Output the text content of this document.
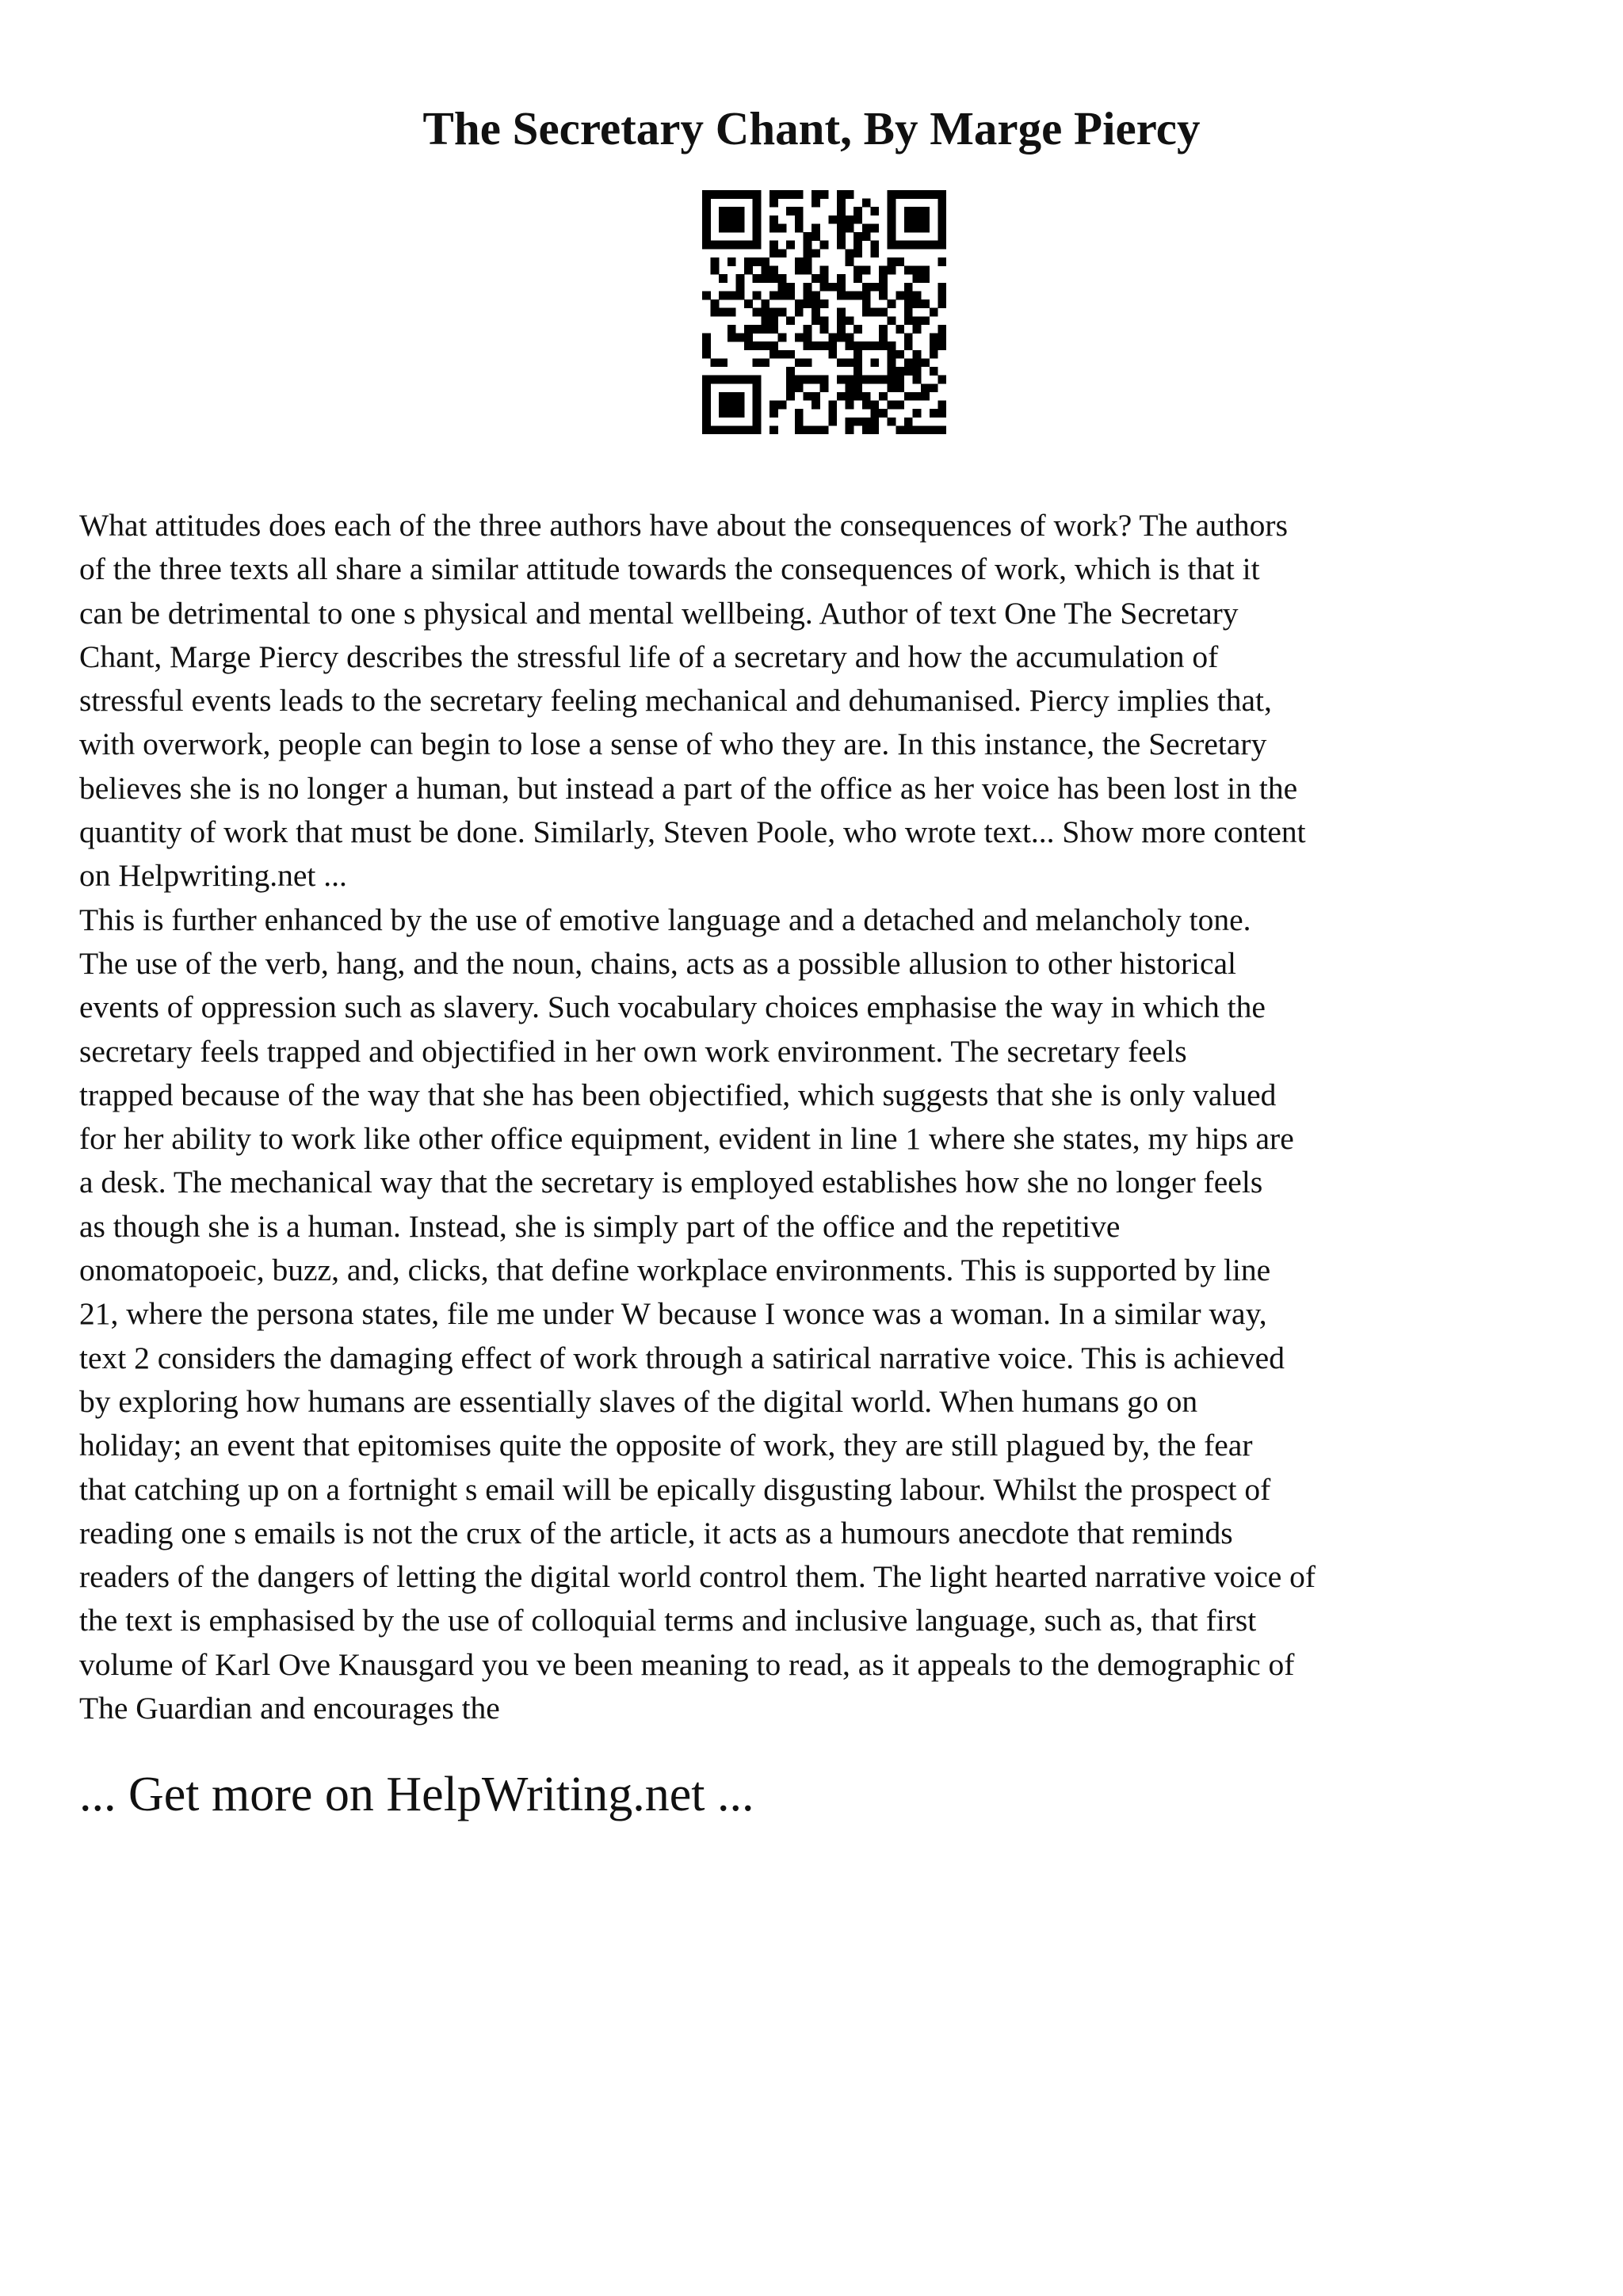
The Secretary Chant, By Marge Piercy

What attitudes does each of the three authors have about the consequences of work? The authors
of the three texts all share a similar attitude towards the consequences of work, which is that it
can be detrimental to one s physical and mental wellbeing. Author of text One The Secretary
Chant, Marge Piercy describes the stressful life of a secretary and how the accumulation of
stressful events leads to the secretary feeling mechanical and dehumanised. Piercy implies that,
with overwork, people can begin to lose a sense of who they are. In this instance, the Secretary
believes she is no longer a human, but instead a part of the office as her voice has been lost in the
quantity of work that must be done. Similarly, Steven Poole, who wrote text... Show more content
on Helpwriting.net ...

This is further enhanced by the use of emotive language and a detached and melancholy tone.
The use of the verb, hang, and the noun, chains, acts as a possible allusion to other historical
events of oppression such as slavery. Such vocabulary choices emphasise the way in which the
secretary feels trapped and objectified in her own work environment. The secretary feels
trapped because of the way that she has been objectified, which suggests that she is only valued
for her ability to work like other office equipment, evident in line 1 where she states, my hips are
a desk. The mechanical way that the secretary is employed establishes how she no longer feels
as though she is a human. Instead, she is simply part of the office and the repetitive
onomatopoeic, buzz, and, clicks, that define workplace environments. This is supported by line
21, where the persona states, file me under W because I wonce was a woman. In a similar way,
text 2 considers the damaging effect of work through a satirical narrative voice. This is achieved
by exploring how humans are essentially slaves of the digital world. When humans go on
holiday; an event that epitomises quite the opposite of work, they are still plagued by, the fear
that catching up on a fortnight s email will be epically disgusting labour. Whilst the prospect of
reading one s emails is not the crux of the article, it acts as a humours anecdote that reminds
readers of the dangers of letting the digital world control them. The light hearted narrative voice of
the text is emphasised by the use of colloquial terms and inclusive language, such as, that first
volume of Karl Ove Knausgard you ve been meaning to read, as it appeals to the demographic of
The Guardian and encourages the

... Get more on HelpWriting.net ...
